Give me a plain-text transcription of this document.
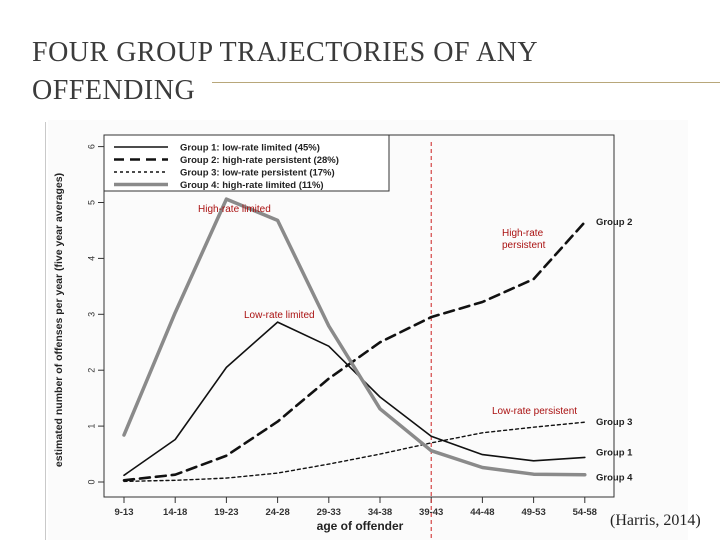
FOUR GROUP TRAJECTORIES OF ANY OFFENDING
0
1
2
3
4
5
6
9-13	14-18	19-23	24-28	29-33	34-38	39-43	44-48	49-53	54-58
age of offender
estimated number of offenses per year (five year averages)
Group 1: low-rate limited (45%)
Group 2: high-rate persistent (28%)
Group 3: low-rate persistent (17%)
Group 4: high-rate limited (11%)
Group 1
Group 2
Group 3
Group 4
High-rate limited
High-rate persistent
Low-rate limited
Low-rate persistent
(Harris, 2014)
